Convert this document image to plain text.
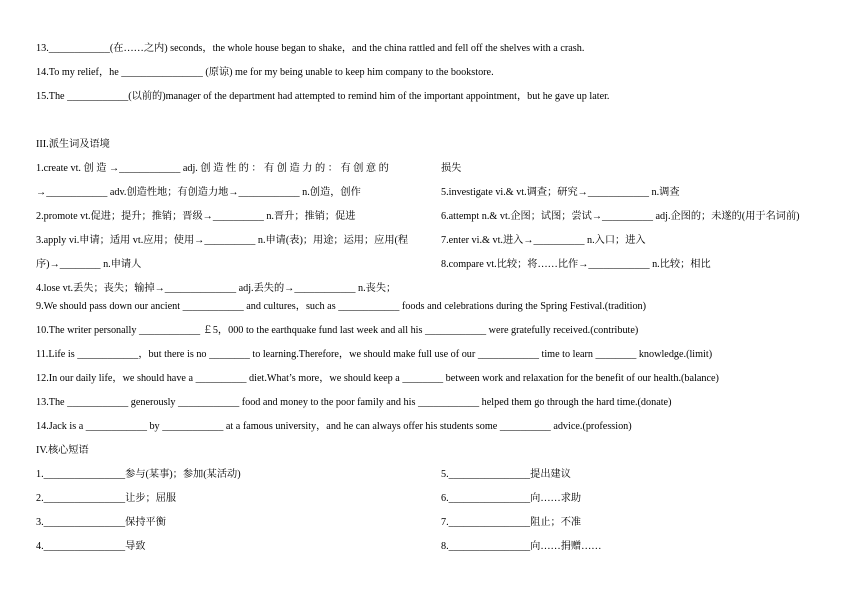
13.____________(在……之内) seconds，the whole house began to shake，and the china rattled and fell off the shelves with a crash.
14.To my relief，he ________________ (原谅) me for my being unable to keep him company to the bookstore.
15.The ____________(以前的)manager of the department had attempted to remind him of the important appointment，but he gave up later.
III.派生词及语境
1.create vt. 创 造 →____________ adj. 创 造 性 的 ： 有 创 造 力 的 ： 有 创 意 的	损失
→____________ adv.创造性地；有创造力地→____________ n.创造，创作	5.investigate vi.& vt.调查；研究→____________ n.调查
2.promote vt.促进；提升；推销；晋级→__________ n.晋升；推销；促进	6.attempt n.& vt.企图；试图；尝试→__________ adj.企图的；未遂的(用于名词前)
3.apply vi.申请；适用 vt.应用；使用→__________ n.申请(表)；用途；运用；应用(程	7.enter vi.& vt.进入→__________ n.入口；进入
序)→________ n.申请人	8.compare vt.比较；将……比作→____________ n.比较；相比
4.lose vt.丢失；丧失；输掉→______________ adj.丢失的→____________ n.丧失；
9.We should pass down our ancient ____________ and cultures，such as ____________ foods and celebrations during the Spring Festival.(tradition)
10.The writer personally ____________ ￡5，000 to the earthquake fund last week and all his ____________ were gratefully received.(contribute)
11.Life is ____________，but there is no ________ to learning.Therefore，we should make full use of our ____________ time to learn ________ knowledge.(limit)
12.In our daily life，we should have a __________ diet.What’s more，we should keep a ________ between work and relaxation for the benefit of our health.(balance)
13.The ____________ generously ____________ food and money to the poor family and his ____________ helped them go through the hard time.(donate)
14.Jack is a ____________ by ____________ at a famous university，and he can always offer his students some __________ advice.(profession)
IV.核心短语
1.________________参与(某事)；参加(某活动)	5.________________提出建议
2.________________让步；屈服	6.________________向……求助
3.________________保持平衡	7.________________阻止；不准
4.________________导致	8.________________向……捐赠……
